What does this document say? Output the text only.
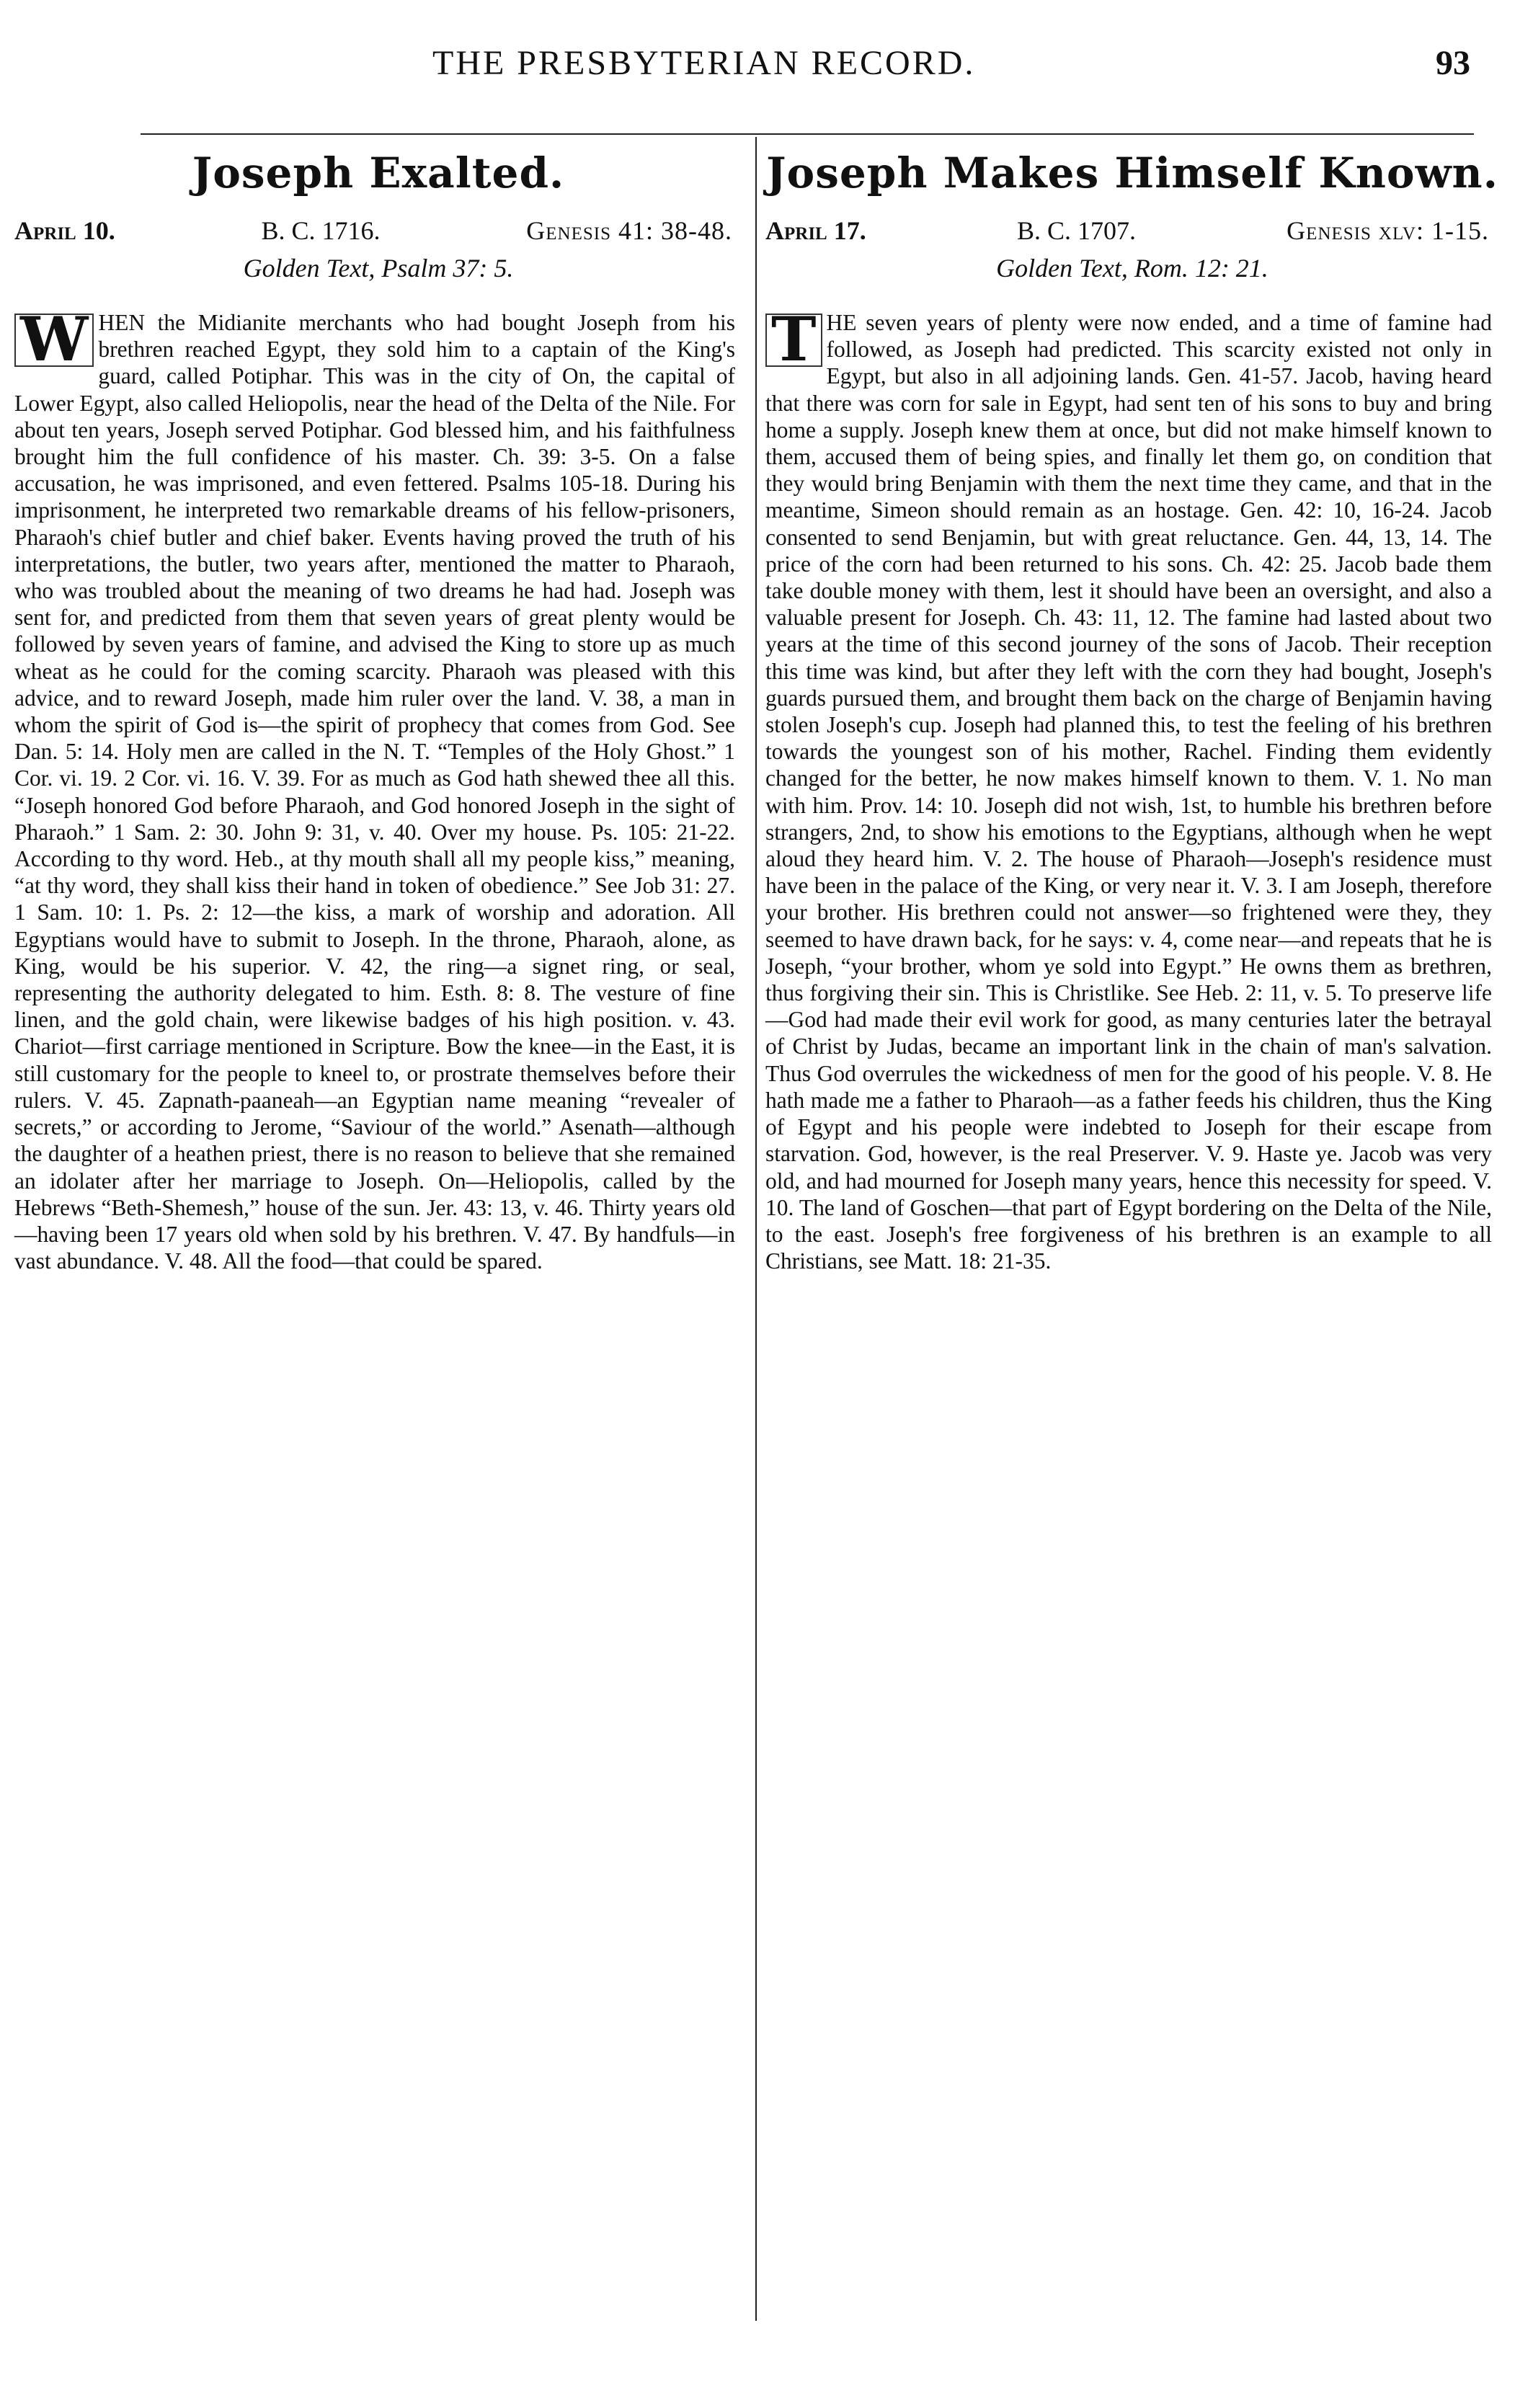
THE PRESBYTERIAN RECORD.	93
Joseph Exalted.
April 10.	B. C. 1716.	Genesis 41: 38-48.
Golden Text, Psalm 37: 5.
W HEN the Midianite merchants who had bought Joseph from his brethren reached Egypt, they sold him to a captain of the King's guard, called Potiphar. This was in the city of On, the capital of Lower Egypt, also called Heliopolis, near the head of the Delta of the Nile. For about ten years, Joseph served Potiphar. God blessed him, and his faithfulness brought him the full confidence of his master. Ch. 39: 3-5. On a false accusation, he was imprisoned, and even fettered. Psalms 105-18. During his imprisonment, he interpreted two remarkable dreams of his fellow-prisoners, Pharaoh's chief butler and chief baker. Events having proved the truth of his interpretations, the butler, two years after, mentioned the matter to Pharaoh, who was troubled about the meaning of two dreams he had had. Joseph was sent for, and predicted from them that seven years of great plenty would be followed by seven years of famine, and advised the King to store up as much wheat as he could for the coming scarcity. Pharaoh was pleased with this advice, and to reward Joseph, made him ruler over the land. V. 38, a man in whom the spirit of God is—the spirit of prophecy that comes from God. See Dan. 5: 14. Holy men are called in the N. T. “Temples of the Holy Ghost.” 1 Cor. vi. 19. 2 Cor. vi. 16. V. 39. For as much as God hath shewed thee all this. “Joseph honored God before Pharaoh, and God honored Joseph in the sight of Pharaoh.” 1 Sam. 2: 30. John 9: 31, v. 40. Over my house. Ps. 105: 21-22. According to thy word. Heb., at thy mouth shall all my people kiss,” meaning, “at thy word, they shall kiss their hand in token of obedience.” See Job 31: 27. 1 Sam. 10: 1. Ps. 2: 12—the kiss, a mark of worship and adoration. All Egyptians would have to submit to Joseph. In the throne, Pharaoh, alone, as King, would be his superior. V. 42, the ring—a signet ring, or seal, representing the authority delegated to him. Esth. 8: 8. The vesture of fine linen, and the gold chain, were likewise badges of his high position. v. 43. Chariot—first carriage mentioned in Scripture. Bow the knee—in the East, it is still customary for the people to kneel to, or prostrate themselves before their rulers. V. 45. Zapnath-paaneah—an Egyptian name meaning “revealer of secrets,” or according to Jerome, “Saviour of the world.” Asenath—although the daughter of a heathen priest, there is no reason to believe that she remained an idolater after her marriage to Joseph. On—Heliopolis, called by the Hebrews “Beth-Shemesh,” house of the sun. Jer. 43: 13, v. 46. Thirty years old—having been 17 years old when sold by his brethren. V. 47. By handfuls—in vast abundance. V. 48. All the food—that could be spared.
Joseph Makes Himself Known.
April 17.	B. C. 1707.	Genesis xlv: 1-15.
Golden Text, Rom. 12: 21.
T HE seven years of plenty were now ended, and a time of famine had followed, as Joseph had predicted. This scarcity existed not only in Egypt, but also in all adjoining lands. Gen. 41-57. Jacob, having heard that there was corn for sale in Egypt, had sent ten of his sons to buy and bring home a supply. Joseph knew them at once, but did not make himself known to them, accused them of being spies, and finally let them go, on condition that they would bring Benjamin with them the next time they came, and that in the meantime, Simeon should remain as an hostage. Gen. 42: 10, 16-24. Jacob consented to send Benjamin, but with great reluctance. Gen. 44, 13, 14. The price of the corn had been returned to his sons. Ch. 42: 25. Jacob bade them take double money with them, lest it should have been an oversight, and also a valuable present for Joseph. Ch. 43: 11, 12. The famine had lasted about two years at the time of this second journey of the sons of Jacob. Their reception this time was kind, but after they left with the corn they had bought, Joseph's guards pursued them, and brought them back on the charge of Benjamin having stolen Joseph's cup. Joseph had planned this, to test the feeling of his brethren towards the youngest son of his mother, Rachel. Finding them evidently changed for the better, he now makes himself known to them. V. 1. No man with him. Prov. 14: 10. Joseph did not wish, 1st, to humble his brethren before strangers, 2nd, to show his emotions to the Egyptians, although when he wept aloud they heard him. V. 2. The house of Pharaoh—Joseph's residence must have been in the palace of the King, or very near it. V. 3. I am Joseph, therefore your brother. His brethren could not answer—so frightened were they, they seemed to have drawn back, for he says: v. 4, come near—and repeats that he is Joseph, “your brother, whom ye sold into Egypt.” He owns them as brethren, thus forgiving their sin. This is Christlike. See Heb. 2: 11, v. 5. To preserve life—God had made their evil work for good, as many centuries later the betrayal of Christ by Judas, became an important link in the chain of man's salvation. Thus God overrules the wickedness of men for the good of his people. V. 8. He hath made me a father to Pharaoh—as a father feeds his children, thus the King of Egypt and his people were indebted to Joseph for their escape from starvation. God, however, is the real Preserver. V. 9. Haste ye. Jacob was very old, and had mourned for Joseph many years, hence this necessity for speed. V. 10. The land of Goschen—that part of Egypt bordering on the Delta of the Nile, to the east. Joseph's free forgiveness of his brethren is an example to all Christians, see Matt. 18: 21-35.
